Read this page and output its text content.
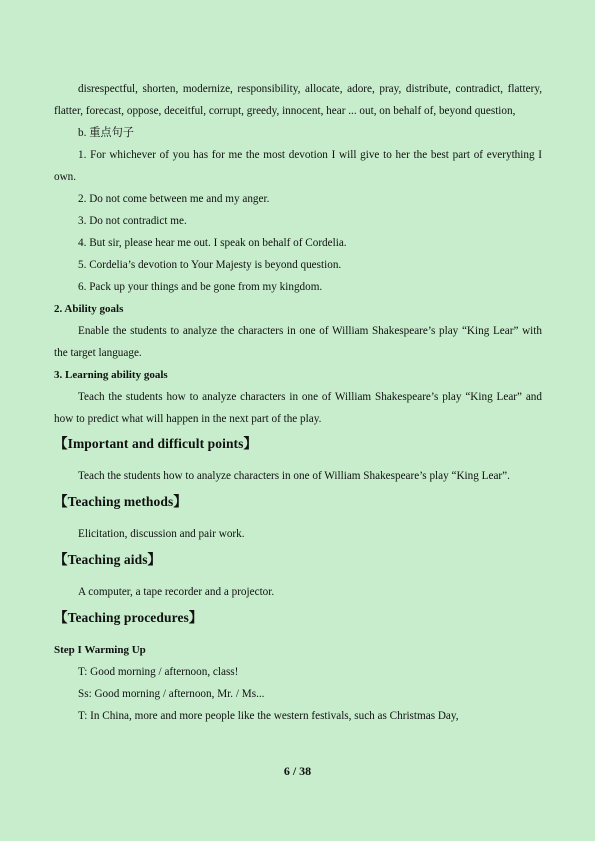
disrespectful, shorten, modernize, responsibility, allocate, adore, pray, distribute, contradict, flattery, flatter, forecast, oppose, deceitful, corrupt, greedy, innocent, hear ... out, on behalf of, beyond question,

b. 重点句子

1. For whichever of you has for me the most devotion I will give to her the best part of everything I own.

2. Do not come between me and my anger.

3. Do not contradict me.

4. But sir, please hear me out. I speak on behalf of Cordelia.

5. Cordelia’s devotion to Your Majesty is beyond question.

6. Pack up your things and be gone from my kingdom.

2. Ability goals

Enable the students to analyze the characters in one of William Shakespeare’s play “King Lear” with the target language.

3. Learning ability goals

Teach the students how to analyze characters in one of William Shakespeare’s play “King Lear” and how to predict what will happen in the next part of the play.

【Important and difficult points】

Teach the students how to analyze characters in one of William Shakespeare’s play “King Lear”.

【Teaching methods】

Elicitation, discussion and pair work.

【Teaching aids】

A computer, a tape recorder and a projector.

【Teaching procedures】

Step I Warming Up

T: Good morning / afternoon, class!

Ss: Good morning / afternoon, Mr. / Ms...

T: In China, more and more people like the western festivals, such as Christmas Day,

6 / 38
